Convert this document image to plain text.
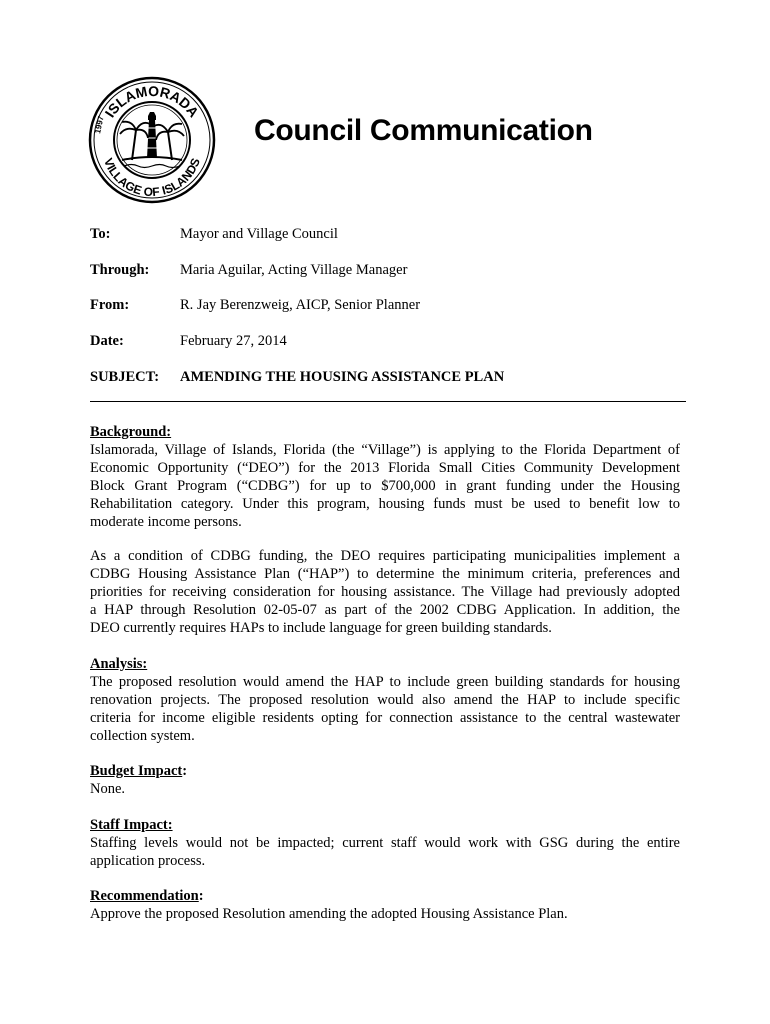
ISLAMORADA
VILLAGE OF ISLANDS
1997	Council Communication
To:	Mayor and Village Council
Through: Maria Aguilar, Acting Village Manager
From:	R. Jay Berenzweig, AICP, Senior Planner
Date:	February 27, 2014
SUBJECT: AMENDING THE HOUSING ASSISTANCE PLAN
Background:

Islamorada, Village of Islands, Florida (the “Village”) is applying to the Florida Department of
Economic Opportunity (“DEO”) for the 2013 Florida Small Cities Community Development
Block Grant Program (“CDBG”) for up to $700,000 in grant funding under the Housing
Rehabilitation category. Under this program, housing funds must be used to benefit low to
moderate income persons.

As a condition of CDBG funding, the DEO requires participating municipalities implement a
CDBG Housing Assistance Plan (“HAP”) to determine the minimum criteria, preferences and
priorities for receiving consideration for housing assistance. The Village had previously adopted
a HAP through Resolution 02-05-07 as part of the 2002 CDBG Application. In addition, the
DEO currently requires HAPs to include language for green building standards.

Analysis:

The proposed resolution would amend the HAP to include green building standards for housing
renovation projects. The proposed resolution would also amend the HAP to include specific
criteria for income eligible residents opting for connection assistance to the central wastewater
collection system.

Budget Impact:

None.

Staff Impact:

Staffing levels would not be impacted; current staff would work with GSG during the entire
application process.

Recommendation:

Approve the proposed Resolution amending the adopted Housing Assistance Plan.
